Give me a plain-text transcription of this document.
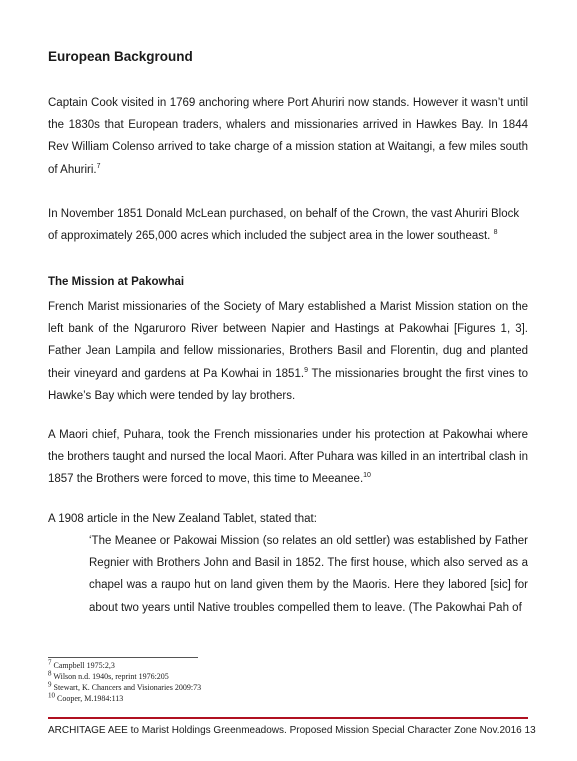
European Background
Captain Cook visited in 1769 anchoring where Port Ahuriri now stands. However it wasn’t until the 1830s that European traders, whalers and missionaries arrived in Hawkes Bay. In 1844 Rev William Colenso arrived to take charge of a mission station at Waitangi, a few miles south of Ahuriri.$^7$
In November 1851 Donald McLean purchased, on behalf of the Crown, the vast Ahuriri Block of approximately 265,000 acres which included the subject area in the lower southeast. $^8$
The Mission at Pakowhai
French Marist missionaries of the Society of Mary established a Marist Mission station on the left bank of the Ngaruroro River between Napier and Hastings at Pakowhai [Figures 1, 3]. Father Jean Lampila and fellow missionaries, Brothers Basil and Florentin, dug and planted their vineyard and gardens at Pa Kowhai in 1851.$^9$ The missionaries brought the first vines to Hawke’s Bay which were tended by lay brothers.
A Maori chief, Puhara, took the French missionaries under his protection at Pakowhai where the brothers taught and nursed the local Maori. After Puhara was killed in an intertribal clash in 1857 the Brothers were forced to move, this time to Meeanee.$^{10}$
A 1908 article in the New Zealand Tablet, stated that:
‘The Meanee or Pakowai Mission (so relates an old settler) was established by Father Regnier with Brothers John and Basil in 1852. The first house, which also served as a chapel was a raupo hut on land given them by the Maoris. Here they labored [sic] for about two years until Native troubles compelled them to leave. (The Pakowhai Pah of
$^7$ Campbell 1975:2,3
$^8$ Wilson n.d. 1940s, reprint 1976:205
$^9$ Stewart, K. Chancers and Visionaries 2009:73
$^{10}$ Cooper, M.1984:113
ARCHITAGE AEE to Marist Holdings Greenmeadows. Proposed Mission Special Character Zone Nov.2016 13
